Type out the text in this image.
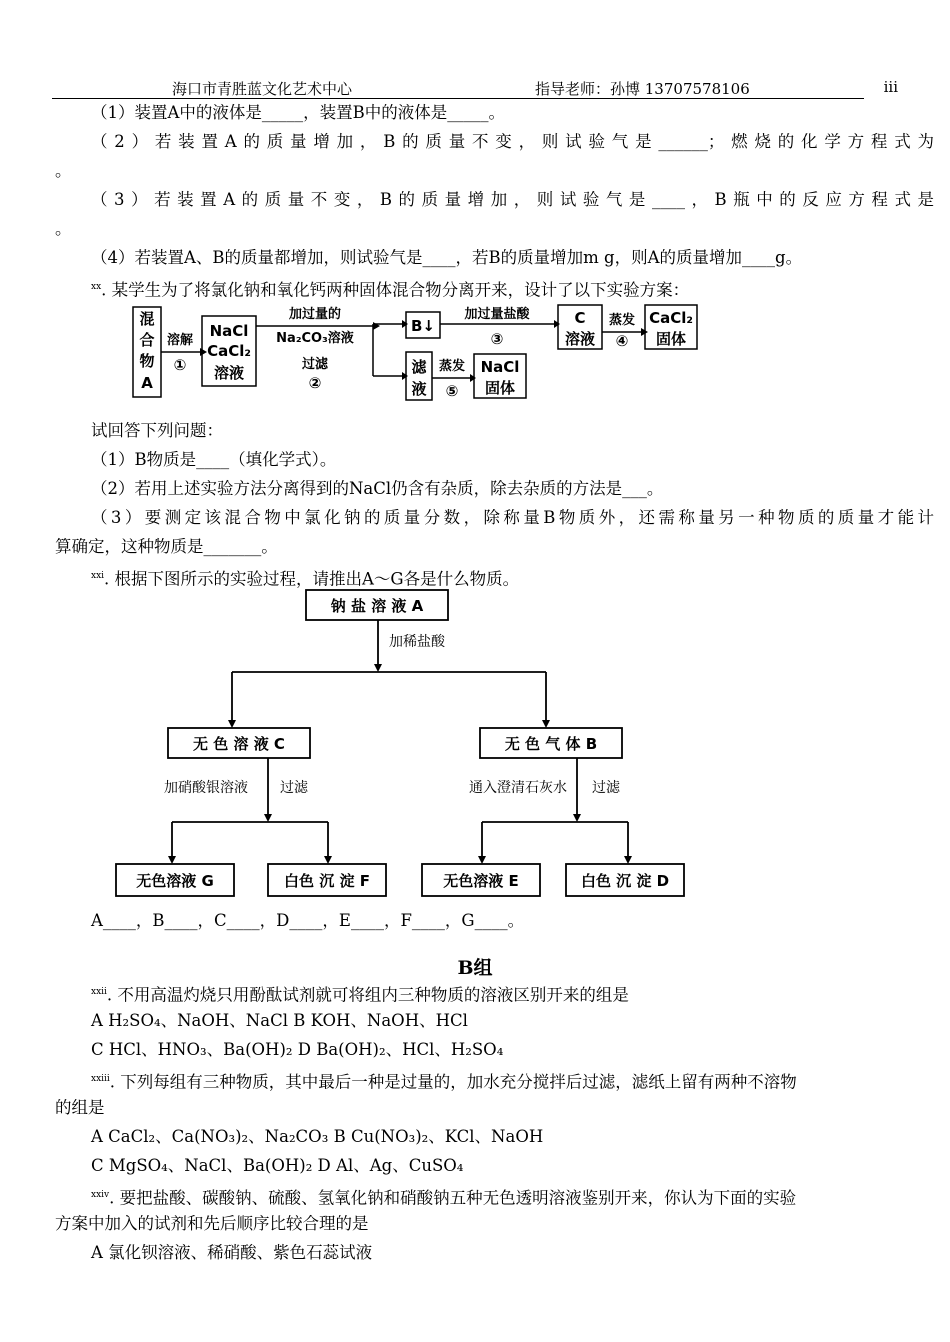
海口市青胜蓝文化艺术中心	指导老师：孙博 13707578106	iii
（1）装置A中的液体是_____，装置B中的液体是_____。
（2）若装置A的质量增加，B的质量不变，则试验气是______；燃烧的化学方程式为
。
（3）若装置A的质量不变，B的质量增加，则试验气是____，B瓶中的反应方程式是
。
（4）若装置A、B的质量都增加，则试验气是____，若B的质量增加m g，则A的质量增加____g。
$^{xx}$. 某学生为了将氯化钠和氧化钙两种固体混合物分离开来，设计了以下实验方案：
混
合
物
A
溶解
①
NaCl
CaCl₂
溶液
加过量的
Na₂CO₃溶液
过滤
②
B↓
加过量盐酸
③
C
溶液
蒸发
④
CaCl₂
固体
滤
液
蒸发
⑤
NaCl
固体
试回答下列问题：
（1）B物质是____（填化学式）。
（2）若用上述实验方法分离得到的NaCl仍含有杂质，除去杂质的方法是___。
（3）要测定该混合物中氯化钠的质量分数，除称量B物质外，还需称量另一种物质的质量才能计
算确定，这种物质是_______。
$^{xxi}$. 根据下图所示的实验过程，请推出A～G各是什么物质。
钠 盐 溶 液 A
加稀盐酸
无 色 溶 液 C	无 色 气 体 B
加硝酸银溶液 过滤	通入澄清石灰水 过滤
无色溶液 G	白色 沉 淀 F	无色溶液 E	白色 沉 淀 D
A____，B____，C____，D____，E____，F____，G____。
B组
$^{xxii}$. 不用高温灼烧只用酚酞试剂就可将组内三种物质的溶液区别开来的组是
A H₂SO₄、NaOH、NaCl B KOH、NaOH、HCl
C HCl、HNO₃、Ba(OH)₂ D Ba(OH)₂、HCl、H₂SO₄
$^{xxiii}$. 下列每组有三种物质，其中最后一种是过量的，加水充分搅拌后过滤，滤纸上留有两种不溶物
的组是
A CaCl₂、Ca(NO₃)₂、Na₂CO₃ B Cu(NO₃)₂、KCl、NaOH
C MgSO₄、NaCl、Ba(OH)₂ D Al、Ag、CuSO₄
$^{xxiv}$. 要把盐酸、碳酸钠、硫酸、氢氧化钠和硝酸钠五种无色透明溶液鉴别开来，你认为下面的实验
方案中加入的试剂和先后顺序比较合理的是
A 氯化钡溶液、稀硝酸、紫色石蕊试液
